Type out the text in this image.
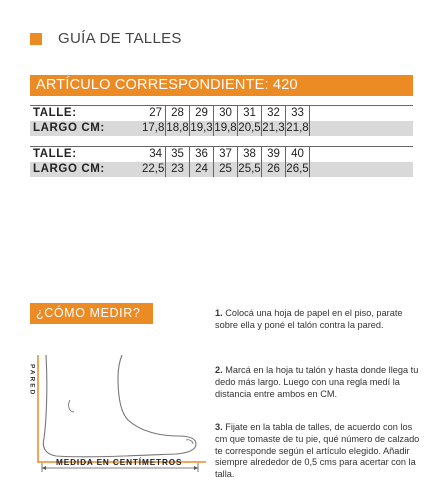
GUÍA DE TALLES
ARTÍCULO CORRESPONDIENTE: 420
TALLE:	27 28 29 30 31 32 33
LARGO CM:	17,8 18,8 19,3 19,8 20,5 21,3 21,8
TALLE:	34 35 36 37 38 39 40
LARGO CM:	22,5 23 24 25 25,5 26 26,5
¿CÓMO MEDIR?
PARED
MEDIDA EN CENTÍMETROS
1. Colocá una hoja de papel en el piso, parate sobre ella y poné el talón contra la pared.
2. Marcá en la hoja tu talón y hasta donde llega tu dedo más largo. Luego con una regla medí la distancia entre ambos en CM.
3. Fijate en la tabla de talles, de acuerdo con los cm que tomaste de tu pie, qué número de calzado te corresponde según el artículo elegido. Añadir siempre alrededor de 0,5 cms para acertar con la talla.
